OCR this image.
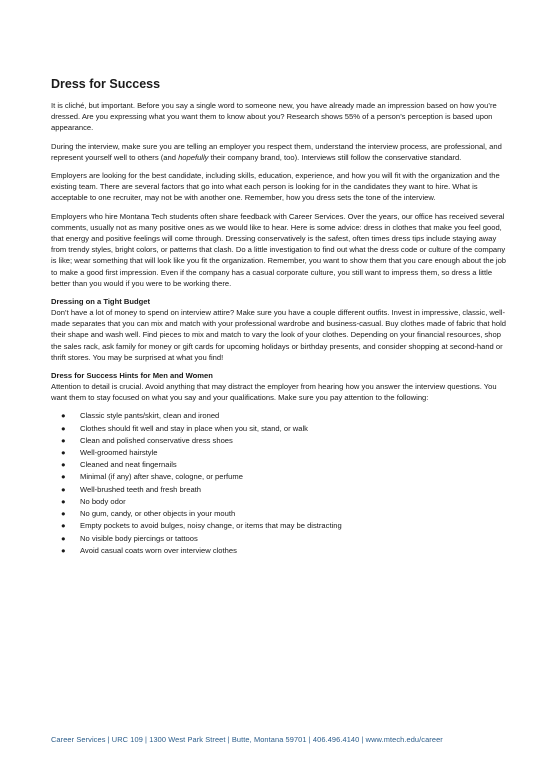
Dress for Success

It is cliché, but important. Before you say a single word to someone new, you have already made an impression based on how you’re dressed. Are you expressing what you want them to know about you? Research shows 55% of a person’s perception is based upon appearance.

During the interview, make sure you are telling an employer you respect them, understand the interview process, are professional, and represent yourself well to others (and hopefully their company brand, too). Interviews still follow the conservative standard.

Employers are looking for the best candidate, including skills, education, experience, and how you will fit with the organization and the existing team. There are several factors that go into what each person is looking for in the candidates they want to hire. What is acceptable to one recruiter, may not be with another one. Remember, how you dress sets the tone of the interview.

Employers who hire Montana Tech students often share feedback with Career Services. Over the years, our office has received several comments, usually not as many positive ones as we would like to hear. Here is some advice: dress in clothes that make you feel good, that energy and positive feelings will come through. Dressing conservatively is the safest, often times dress tips include staying away from trendy styles, bright colors, or patterns that clash. Do a little investigation to find out what the dress code or culture of the company is like; wear something that will look like you fit the organization. Remember, you want to show them that you care enough about the job to make a good first impression. Even if the company has a casual corporate culture, you still want to impress them, so dress a little better than you would if you were to be working there.

Dressing on a Tight Budget

Don’t have a lot of money to spend on interview attire? Make sure you have a couple different outfits. Invest in impressive, classic, well-made separates that you can mix and match with your professional wardrobe and business-casual. Buy clothes made of fabric that hold their shape and wash well. Find pieces to mix and match to vary the look of your clothes. Depending on your financial resources, shop the sales rack, ask family for money or gift cards for upcoming holidays or birthday presents, and consider shopping at second-hand or thrift stores. You may be surprised at what you find!

Dress for Success Hints for Men and Women

Attention to detail is crucial. Avoid anything that may distract the employer from hearing how you answer the interview questions. You want them to stay focused on what you say and your qualifications. Make sure you pay attention to the following:

● Classic style pants/skirt, clean and ironed
● Clothes should fit well and stay in place when you sit, stand, or walk
● Clean and polished conservative dress shoes
● Well-groomed hairstyle
● Cleaned and neat fingernails
● Minimal (if any) after shave, cologne, or perfume
● Well-brushed teeth and fresh breath
● No body odor
● No gum, candy, or other objects in your mouth
● Empty pockets to avoid bulges, noisy change, or items that may be distracting
● No visible body piercings or tattoos
● Avoid casual coats worn over interview clothes
Career Services | URC 109 | 1300 West Park Street | Butte, Montana 59701 | 406.496.4140 | www.mtech.edu/career
